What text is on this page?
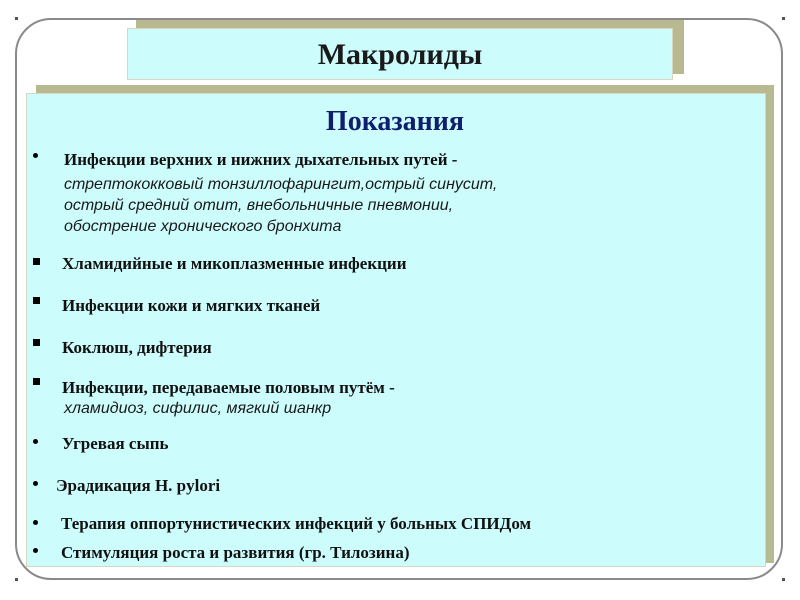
Макролиды
Показания
Инфекции верхних и нижних дыхательных путей -
стрептококковый тонзиллофарингит,острый синусит,
острый средний отит, внебольничные пневмонии,
обострение хронического бронхита
Хламидийные и микоплазменные инфекции
Инфекции кожи и мягких тканей
Коклюш, дифтерия
Инфекции, передаваемые половым путём -
хламидиоз, сифилис, мягкий шанкр
Угревая сыпь
Эрадикация H. pylori
Терапия оппортунистических инфекций у больных СПИДом
Стимуляция роста и развития (гр. Тилозина)
